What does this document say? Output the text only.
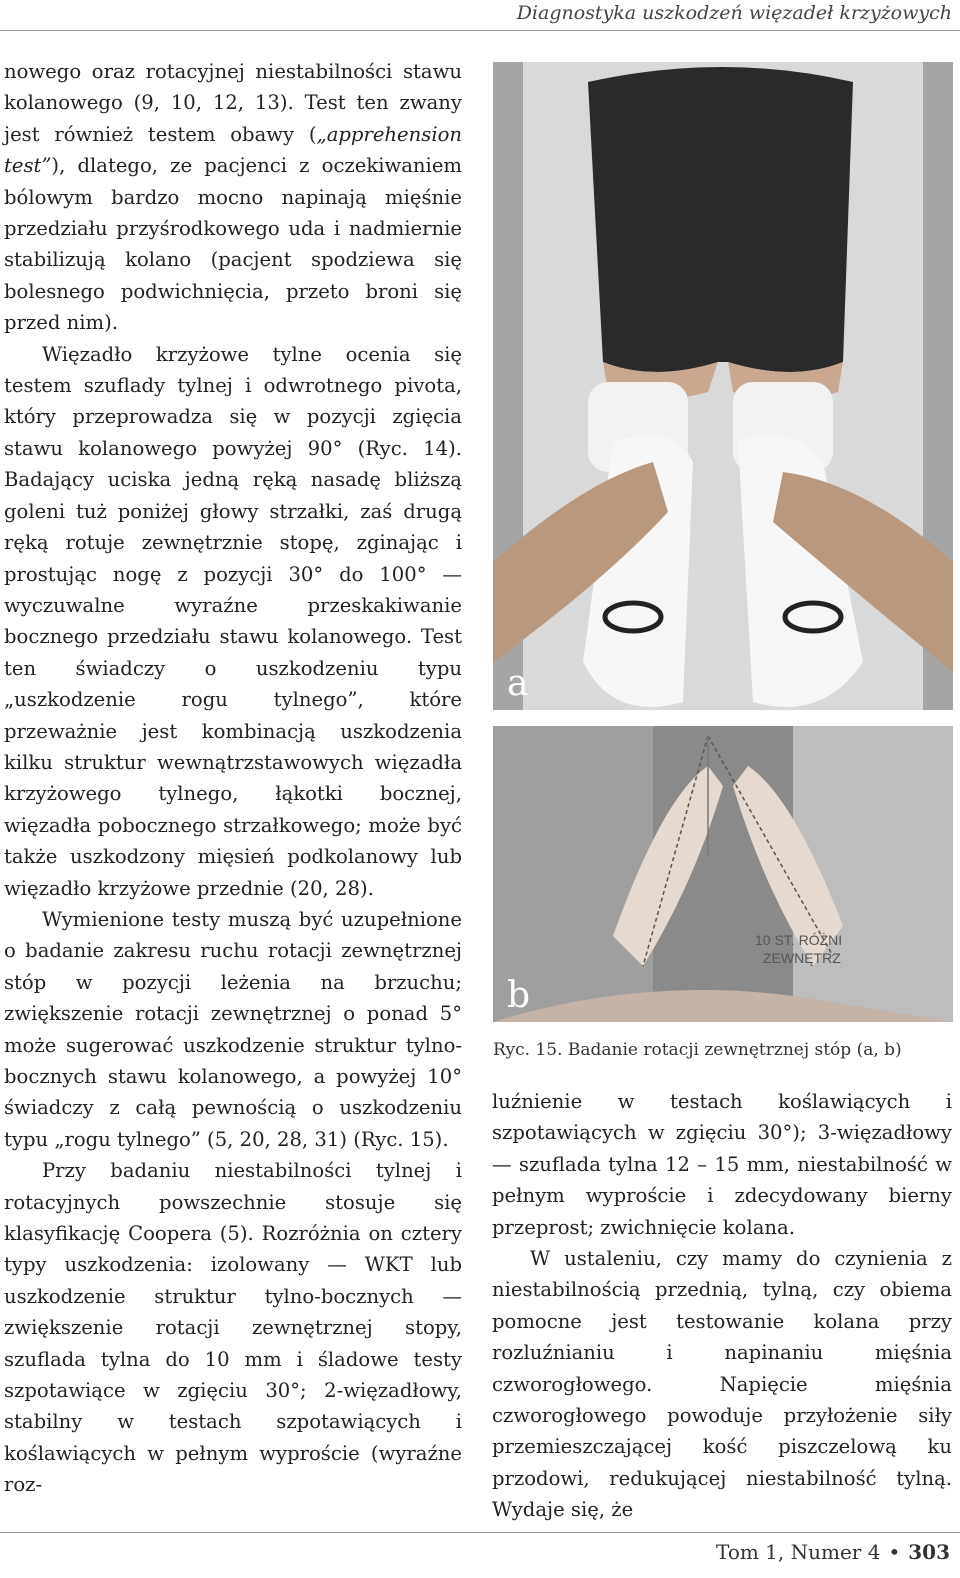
Diagnostyka uszkodzeń więzadeł krzyżowych

nowego oraz rotacyjnej niestabilności stawu kolanowego (9, 10, 12, 13). Test ten zwany jest również testem obawy („apprehension test”), dlatego, ze pacjenci z oczekiwaniem bólowym bardzo mocno napinają mięśnie przedziału przyśrodkowego uda i nadmiernie stabilizują kolano (pacjent spodziewa się bolesnego podwichnięcia, przeto broni się przed nim).

Więzadło krzyżowe tylne ocenia się testem szuflady tylnej i odwrotnego pivota, który przeprowadza się w pozycji zgięcia stawu kolanowego powyżej 90° (Ryc. 14). Badający uciska jedną ręką nasadę bliższą goleni tuż poniżej głowy strzałki, zaś drugą ręką rotuje zewnętrznie stopę, zginając i prostując nogę z pozycji 30° do 100° — wyczuwalne wyraźne przeskakiwanie bocznego przedziału stawu kolanowego. Test ten świadczy o uszkodzeniu typu „uszkodzenie rogu tylnego”, które przeważnie jest kombinacją uszkodzenia kilku struktur wewnątrzstawowych więzadła krzyżowego tylnego, łąkotki bocznej, więzadła pobocznego strzałkowego; może być także uszkodzony mięsień podkolanowy lub więzadło krzyżowe przednie (20, 28).

Wymienione testy muszą być uzupełnione o badanie zakresu ruchu rotacji zewnętrznej stóp w pozycji leżenia na brzuchu; zwiększenie rotacji zewnętrznej o ponad 5° może sugerować uszkodzenie struktur tylno-bocznych stawu kolanowego, a powyżej 10° świadczy z całą pewnością o uszkodzeniu typu „rogu tylnego” (5, 20, 28, 31) (Ryc. 15).

Przy badaniu niestabilności tylnej i rotacyjnych powszechnie stosuje się klasyfikację Coopera (5). Rozróżnia on cztery typy uszkodzenia: izolowany — WKT lub uszkodzenie struktur tylno-bocznych — zwiększenie rotacji zewnętrznej stopy, szuflada tylna do 10 mm i śladowe testy szpotawiące w zgięciu 30°; 2-więzadłowy, stabilny w testach szpotawiących i koślawiących w pełnym wyproście (wyraźne roz-

a
10 ST. RÓŻNI
ZEWNĘTRZ
b
Ryc. 15. Badanie rotacji zewnętrznej stóp (a, b)

luźnienie w testach koślawiących i szpotawiących w zgięciu 30°); 3-więzadłowy — szuflada tylna 12 – 15 mm, niestabilność w pełnym wyproście i zdecydowany bierny przeprost; zwichnięcie kolana.

W ustaleniu, czy mamy do czynienia z niestabilnością przednią, tylną, czy obiema pomocne jest testowanie kolana przy rozluźnianiu i napinaniu mięśnia czworogłowego. Napięcie mięśnia czworogłowego powoduje przyłożenie siły przemieszczającej kość piszczelową ku przodowi, redukującej niestabilność tylną. Wydaje się, że

Tom 1, Numer 4 • 303
